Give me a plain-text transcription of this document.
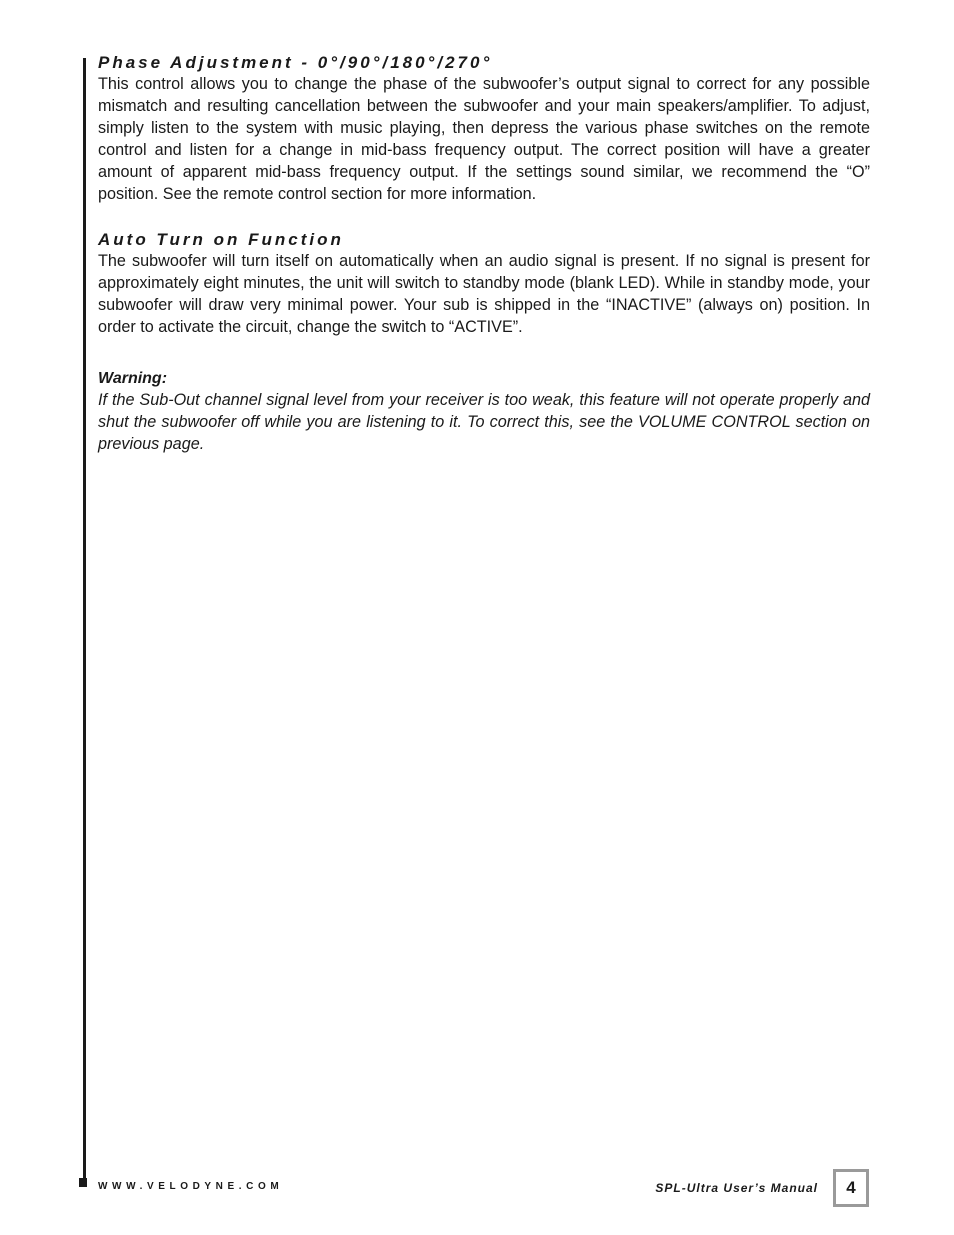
Phase Adjustment - 0°/90°/180°/270°

This control allows you to change the phase of the subwoofer’s output signal to correct for any possible mismatch and resulting cancellation between the subwoofer and your main speakers/amplifier. To adjust, simply listen to the system with music playing, then depress the various phase switches on the remote control and listen for a change in mid-bass frequency output. The correct position will have a greater amount of apparent mid-bass frequency output. If the settings sound similar, we recommend the “O” position. See the remote control section for more information.

Auto Turn on Function

The subwoofer will turn itself on automatically when an audio signal is present. If no signal is present for approximately eight minutes, the unit will switch to standby mode (blank LED). While in standby mode, your subwoofer will draw very minimal power. Your sub is shipped in the “INACTIVE” (always on) position. In order to activate the circuit, change the switch to “ACTIVE”.

Warning:

If the Sub-Out channel signal level from your receiver is too weak, this feature will not operate properly and shut the subwoofer off while you are listening to it. To correct this, see the VOLUME CONTROL section on previous page.

WWW.VELODYNE.COM	SPL-Ultra User’s Manual 4
